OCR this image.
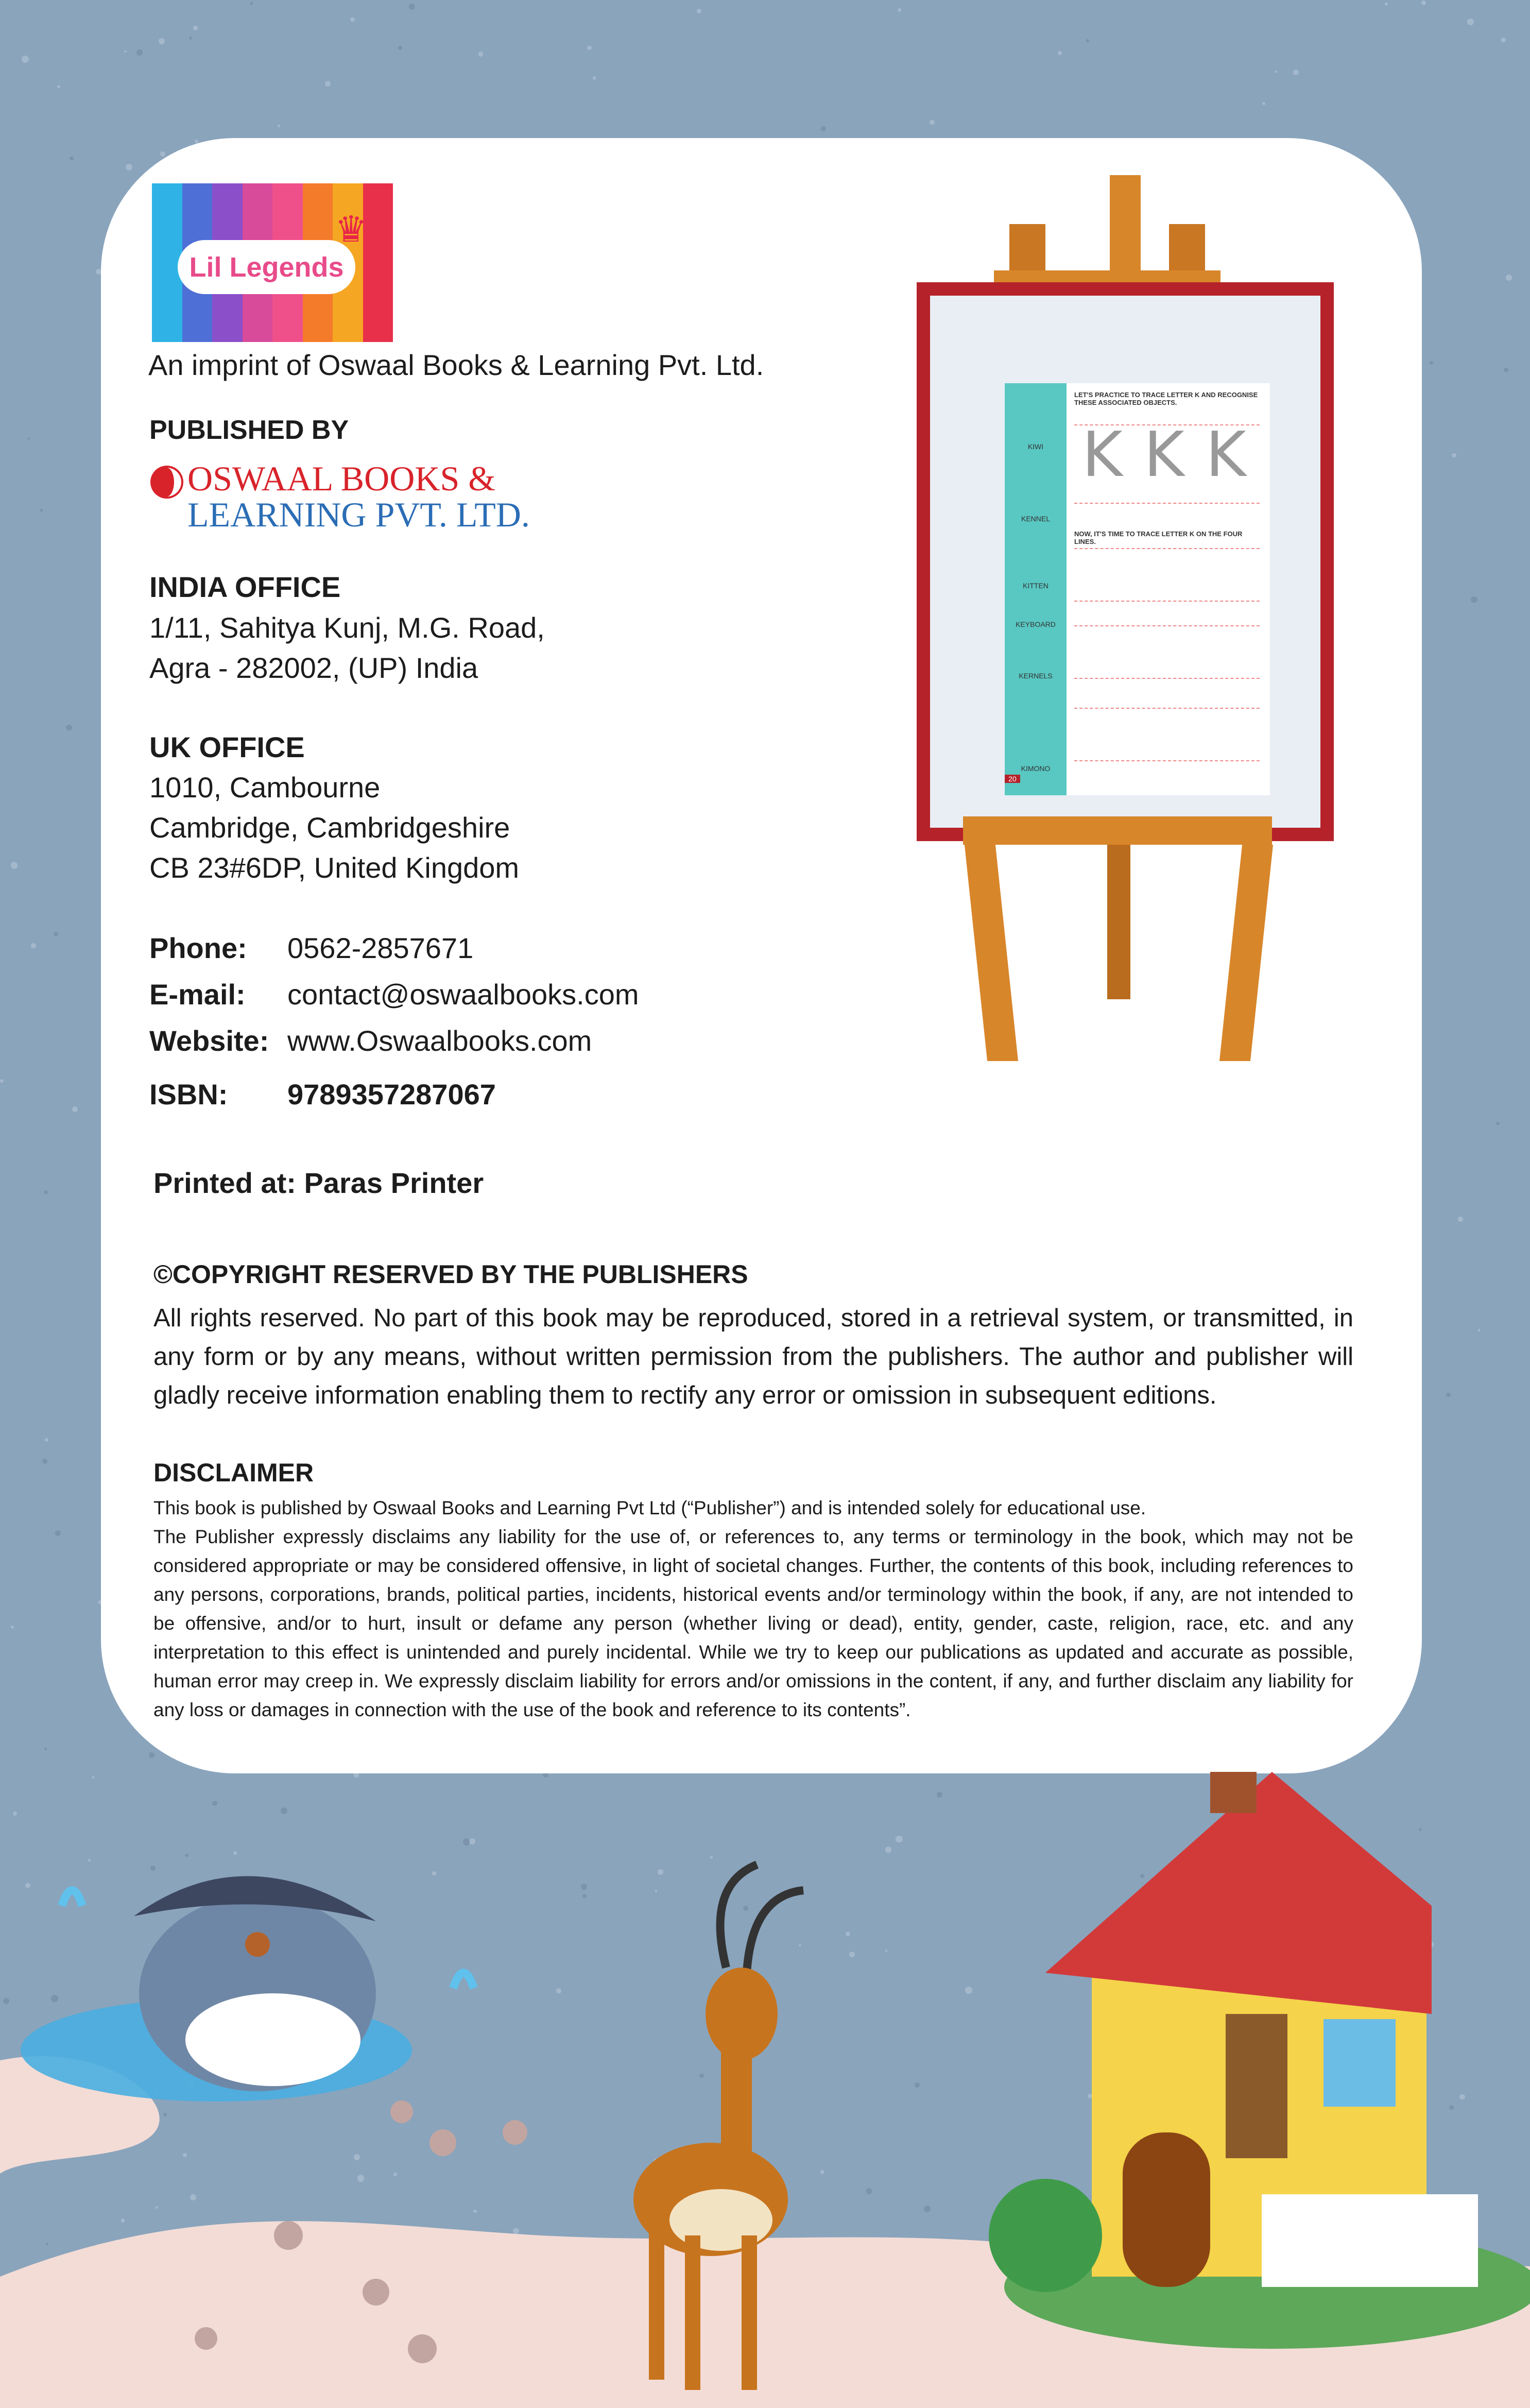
Lil Legends
♛
An imprint of Oswaal Books & Learning Pvt. Ltd.
PUBLISHED BY
OSWAAL BOOKS &
LEARNING PVT. LTD.
INDIA OFFICE
1/11, Sahitya Kunj, M.G. Road,
Agra - 282002, (UP) India
UK OFFICE
1010, Cambourne
Cambridge, Cambridgeshire
CB 23#6DP, United Kingdom
Phone: 0562-2857671
E-mail: contact@oswaalbooks.com
Website: www.Oswaalbooks.com
ISBN: 9789357287067
Printed at: Paras Printer
©COPYRIGHT RESERVED BY THE PUBLISHERS
All rights reserved. No part of this book may be reproduced, stored in a retrieval system, or transmitted, in any form or by any means, without written permission from the publishers. The author and publisher will gladly receive information enabling them to rectify any error or omission in subsequent editions.
DISCLAIMER

This book is published by Oswaal Books and Learning Pvt Ltd (“Publisher”) and is intended solely for educational use.

The Publisher expressly disclaims any liability for the use of, or references to, any terms or terminology in the book, which may not be considered appropriate or may be considered offensive, in light of societal changes. Further, the contents of this book, including references to any persons, corporations, brands, political parties, incidents, historical events and/or terminology within the book, if any, are not intended to be offensive, and/or to hurt, insult or defame any person (whether living or dead), entity, gender, caste, religion, race, etc. and any interpretation to this effect is unintended and purely incidental. While we try to keep our publications as updated and accurate as possible, human error may creep in. We expressly disclaim liability for errors and/or omissions in the content, if any, and further disclaim any liability for any loss or damages in connection with the use of the book and reference to its contents”.

KIWI
KENNEL
KITTEN
KEYBOARD
KERNELS
KIMONO
20
LET'S PRACTICE TO TRACE LETTER K AND RECOGNISE THESE ASSOCIATED OBJECTS.
NOW, IT'S TIME TO TRACE LETTER K ON THE FOUR LINES.
K K K
